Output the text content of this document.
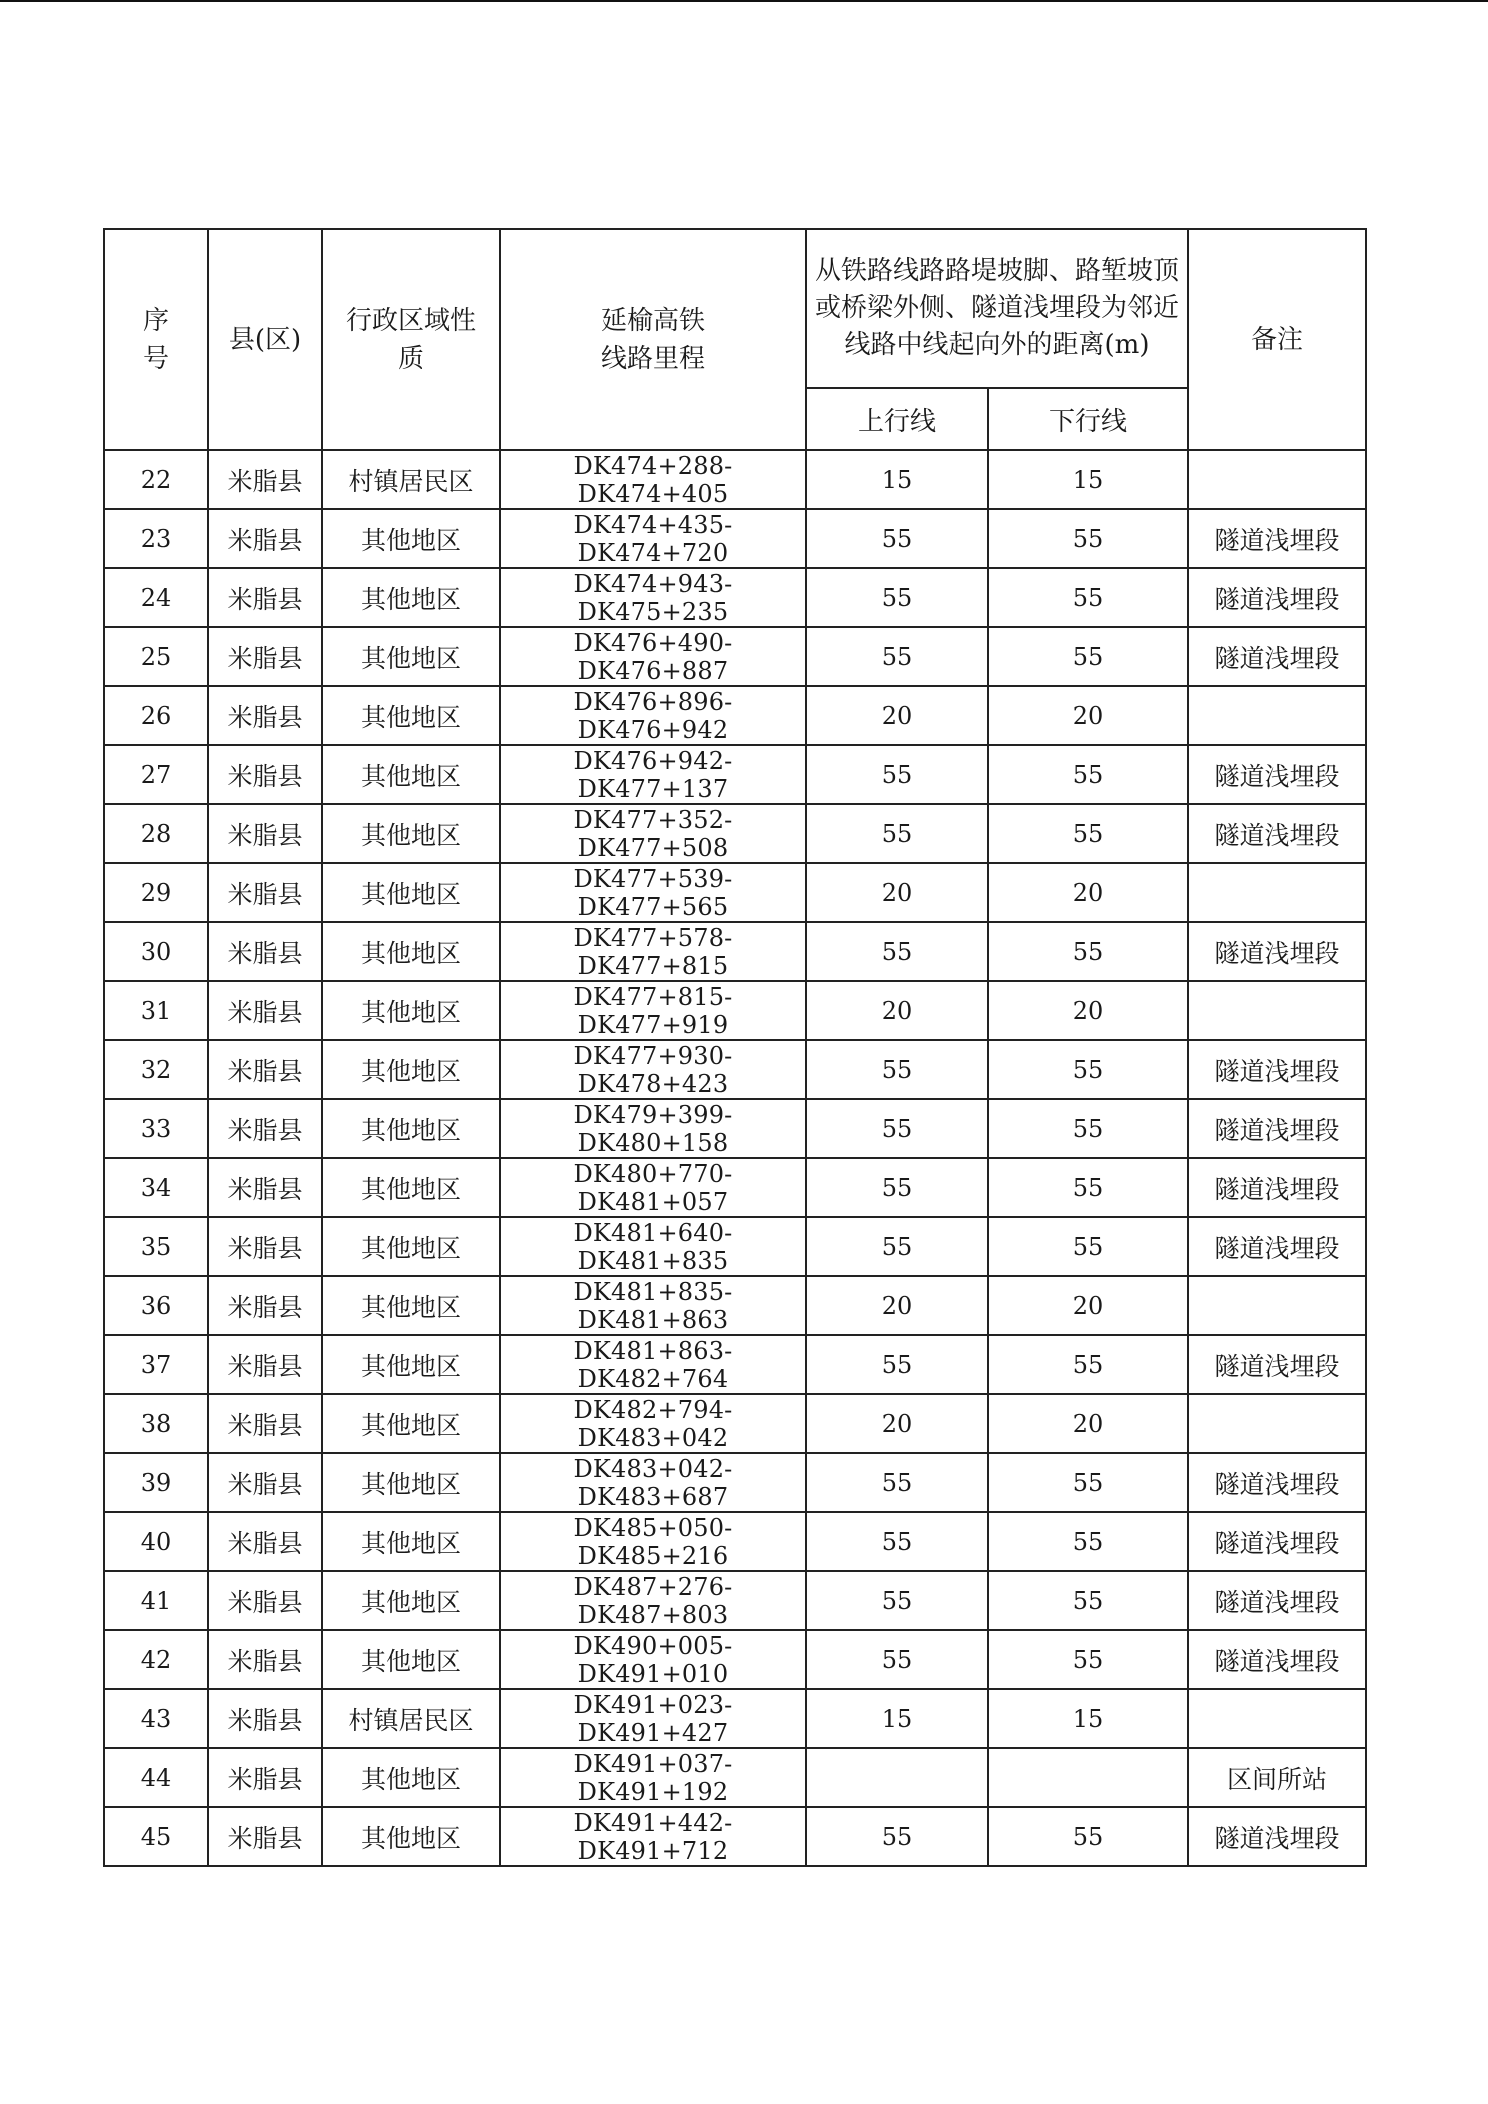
序号	县(区)	行政区域性质	延榆高铁线路里程	从铁路线路路堤坡脚、路堑坡顶或桥梁外侧、隧道浅埋段为邻近线路中线起向外的距离(m)		备注
				上行线	下行线	
22	米脂县	村镇居民区	DK474+288-DK474+405	15	15	
23	米脂县	其他地区	DK474+435-DK474+720	55	55	隧道浅埋段
24	米脂县	其他地区	DK474+943-DK475+235	55	55	隧道浅埋段
25	米脂县	其他地区	DK476+490-DK476+887	55	55	隧道浅埋段
26	米脂县	其他地区	DK476+896-DK476+942	20	20	
27	米脂县	其他地区	DK476+942-DK477+137	55	55	隧道浅埋段
28	米脂县	其他地区	DK477+352-DK477+508	55	55	隧道浅埋段
29	米脂县	其他地区	DK477+539-DK477+565	20	20	
30	米脂县	其他地区	DK477+578-DK477+815	55	55	隧道浅埋段
31	米脂县	其他地区	DK477+815-DK477+919	20	20	
32	米脂县	其他地区	DK477+930-DK478+423	55	55	隧道浅埋段
33	米脂县	其他地区	DK479+399-DK480+158	55	55	隧道浅埋段
34	米脂县	其他地区	DK480+770-DK481+057	55	55	隧道浅埋段
35	米脂县	其他地区	DK481+640-DK481+835	55	55	隧道浅埋段
36	米脂县	其他地区	DK481+835-DK481+863	20	20	
37	米脂县	其他地区	DK481+863-DK482+764	55	55	隧道浅埋段
38	米脂县	其他地区	DK482+794-DK483+042	20	20	
39	米脂县	其他地区	DK483+042-DK483+687	55	55	隧道浅埋段
40	米脂县	其他地区	DK485+050-DK485+216	55	55	隧道浅埋段
41	米脂县	其他地区	DK487+276-DK487+803	55	55	隧道浅埋段
42	米脂县	其他地区	DK490+005-DK491+010	55	55	隧道浅埋段
43	米脂县	村镇居民区	DK491+023-DK491+427	15	15	
44	米脂县	其他地区	DK491+037-DK491+192			区间所站
45	米脂县	其他地区	DK491+442-DK491+712	55	55	隧道浅埋段
